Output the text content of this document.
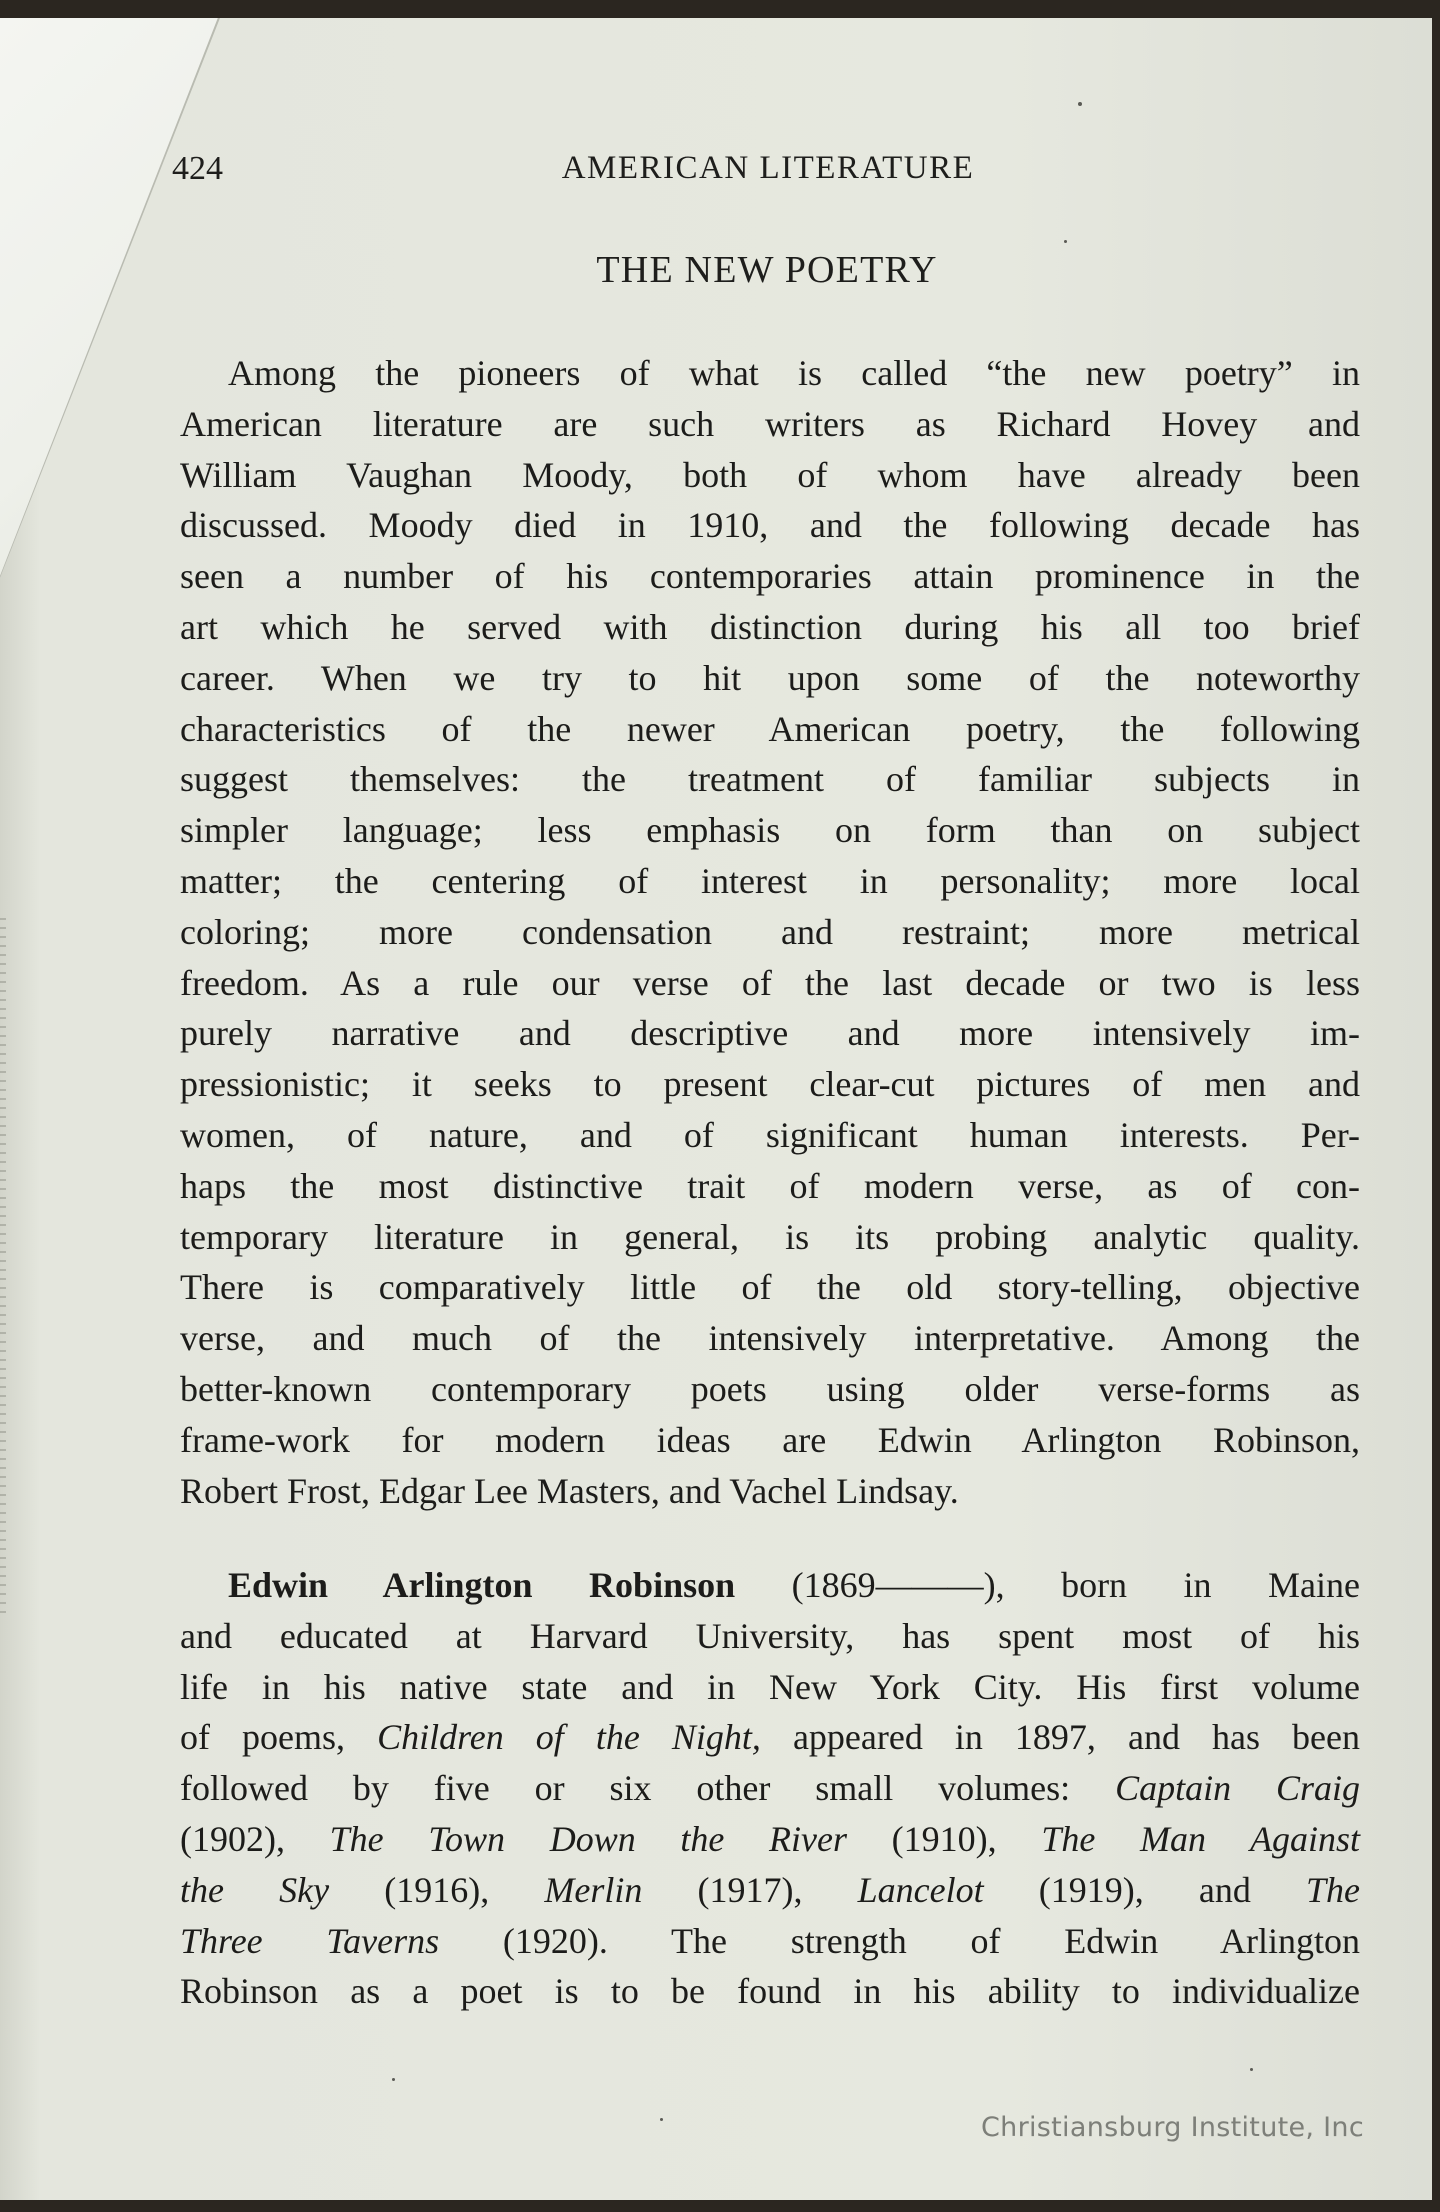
424	AMERICAN LITERATURE
THE NEW POETRY
Among the pioneers of what is called “the new poetry” in
American literature are such writers as Richard Hovey and
William Vaughan Moody, both of whom have already been
discussed. Moody died in 1910, and the following decade has
seen a number of his contemporaries attain prominence in the
art which he served with distinction during his all too brief
career. When we try to hit upon some of the noteworthy
characteristics of the newer American poetry, the following
suggest themselves: the treatment of familiar subjects in
simpler language; less emphasis on form than on subject
matter; the centering of interest in personality; more local
coloring; more condensation and restraint; more metrical
freedom. As a rule our verse of the last decade or two is less
purely narrative and descriptive and more intensively im-
pressionistic; it seeks to present clear-cut pictures of men and
women, of nature, and of significant human interests. Per-
haps the most distinctive trait of modern verse, as of con-
temporary literature in general, is its probing analytic quality.
There is comparatively little of the old story-telling, objective
verse, and much of the intensively interpretative. Among the
better-known contemporary poets using older verse-forms as
frame-work for modern ideas are Edwin Arlington Robinson,
Robert Frost, Edgar Lee Masters, and Vachel Lindsay.
Edwin Arlington Robinson (1869———), born in Maine
and educated at Harvard University, has spent most of his
life in his native state and in New York City. His first volume
of poems, Children of the Night, appeared in 1897, and has been
followed by five or six other small volumes: Captain Craig
(1902), The Town Down the River (1910), The Man Against
the Sky (1916), Merlin (1917), Lancelot (1919), and The
Three Taverns (1920). The strength of Edwin Arlington
Robinson as a poet is to be found in his ability to individualize
Christiansburg Institute, Inc
